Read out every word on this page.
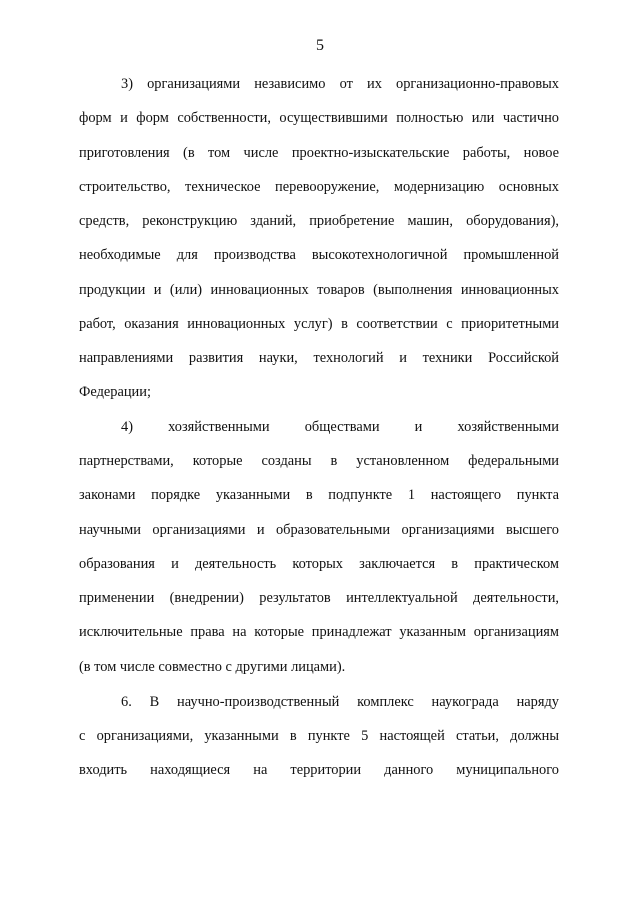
5
3) организациями независимо от их организационно-правовых
форм и форм собственности, осуществившими полностью или частично
приготовления (в том числе проектно-изыскательские работы, новое
строительство, техническое перевооружение, модернизацию основных
средств, реконструкцию зданий, приобретение машин, оборудования),
необходимые для производства высокотехнологичной промышленной
продукции и (или) инновационных товаров (выполнения инновационных
работ, оказания инновационных услуг) в соответствии с приоритетными
направлениями развития науки, технологий и техники Российской
Федерации;
4) хозяйственными обществами и хозяйственными
партнерствами, которые созданы в установленном федеральными
законами порядке указанными в подпункте 1 настоящего пункта
научными организациями и образовательными организациями высшего
образования и деятельность которых заключается в практическом
применении (внедрении) результатов интеллектуальной деятельности,
исключительные права на которые принадлежат указанным организациям
(в том числе совместно с другими лицами).
6. В научно-производственный комплекс наукограда наряду
с организациями, указанными в пункте 5 настоящей статьи, должны
входить находящиеся на территории данного муниципального
